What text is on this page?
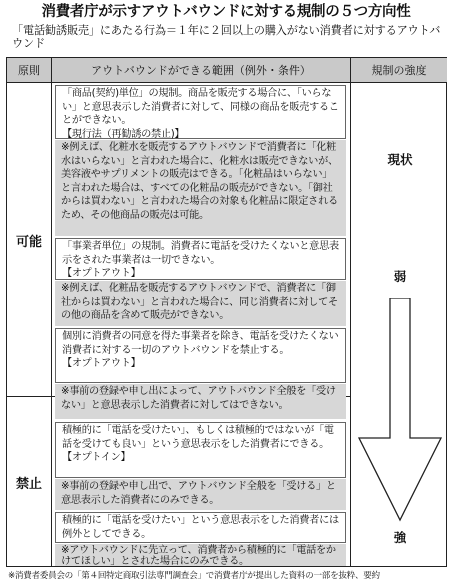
消費者庁が示すアウトバウンドに対する規制の５つ方向性
「電話勧誘販売」にあたる行為＝１年に２回以上の購入がない消費者に対するアウトバウンド
原則	アウトバウンドができる範囲（例外・条件）	規制の強度
可能
禁止
「商品(契約)単位」の規制。商品を販売する場合に、「いらない」と意思表示した消費者に対して、同様の商品を販売することができない。
【現行法（再勧誘の禁止)】
※例えば、化粧水を販売するアウトバウンドで消費者に「化粧水はいらない」と言われた場合に、化粧水は販売できないが、美容液やサプリメントの販売はできる。「化粧品はいらない」と言われた場合は、すべての化粧品の販売ができない。「御社からは買わない」と言われた場合の対象も化粧品に限定されるため、その他商品の販売は可能。
「事業者単位」の規制。消費者に電話を受けたくないと意思表示をされた事業者は一切できない。
【オプトアウト】
※例えば、化粧品を販売するアウトバウンドで、消費者に「御社からは買わない」と言われた場合に、同じ消費者に対してその他の商品を含めて販売ができない。
個別に消費者の同意を得た事業者を除き、電話を受けたくない消費者に対する一切のアウトバウンドを禁止する。
【オプトアウト】
※事前の登録や申し出によって、アウトバウンド全般を「受けない」と意思表示した消費者に対してはできない。
積極的に「電話を受けたい」、もしくは積極的ではないが「電話を受けても良い」という意思表示をした消費者にできる。
【オプトイン】
※事前の登録や申し出で、アウトバウンド全般を「受ける」と意思表示した消費者にのみできる。
積極的に「電話を受けたい」という意思表示をした消費者には例外としてできる。
※アウトバウンドに先立って、消費者から積極的に「電話をかけてほしい」とされた場合にのみできる。
現状
弱
強
※消費者委員会の「第４回特定商取引法専門調査会」で消費者庁が提出した資料の一部を抜粋、要約
